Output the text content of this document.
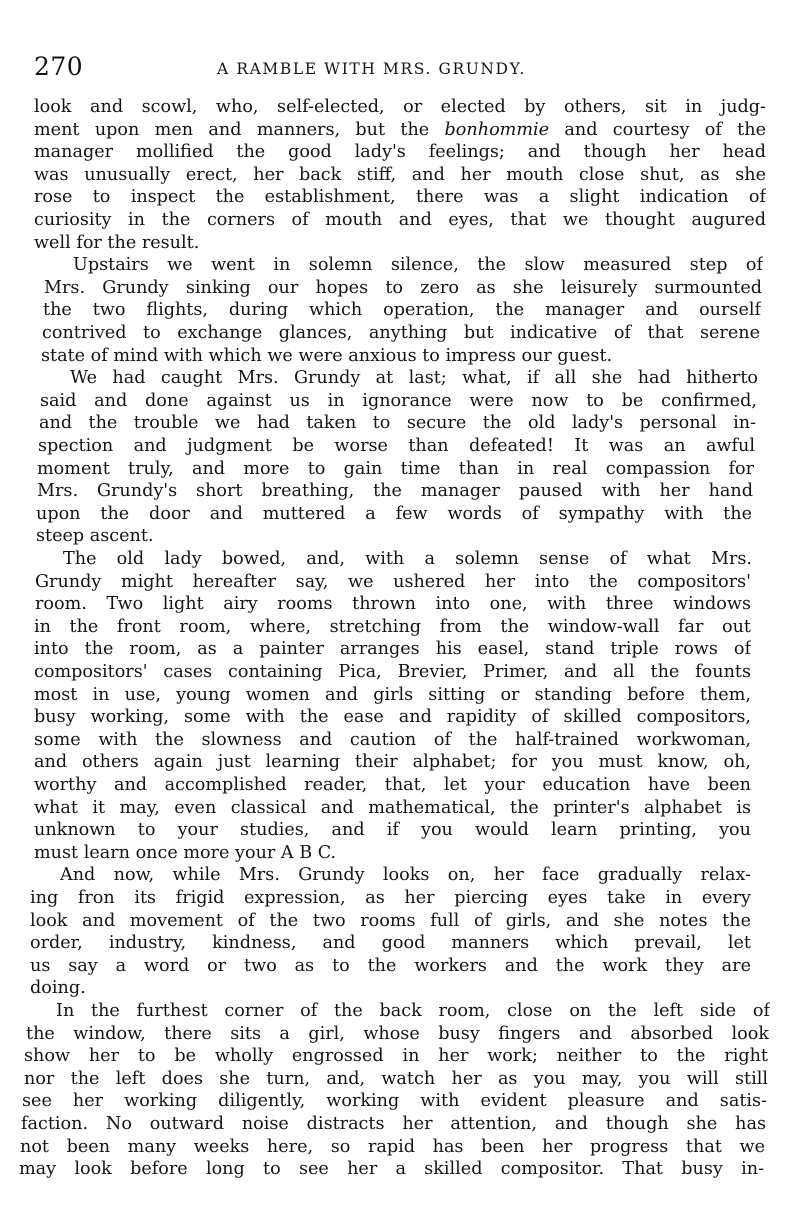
270	A RAMBLE WITH MRS. GRUNDY.
look and scowl, who, self-elected, or elected by others, sit in judg-
ment upon men and manners, but the bonhommie and courtesy of the
manager mollified the good lady's feelings; and though her head
was unusually erect, her back stiff, and her mouth close shut, as she
rose to inspect the establishment, there was a slight indication of
curiosity in the corners of mouth and eyes, that we thought augured
well for the result.
Upstairs we went in solemn silence, the slow measured step of
Mrs. Grundy sinking our hopes to zero as she leisurely surmounted
the two flights, during which operation, the manager and ourself
contrived to exchange glances, anything but indicative of that serene
state of mind with which we were anxious to impress our guest.
We had caught Mrs. Grundy at last; what, if all she had hitherto
said and done against us in ignorance were now to be confirmed,
and the trouble we had taken to secure the old lady's personal in-
spection and judgment be worse than defeated! It was an awful
moment truly, and more to gain time than in real compassion for
Mrs. Grundy's short breathing, the manager paused with her hand
upon the door and muttered a few words of sympathy with the
steep ascent.
The old lady bowed, and, with a solemn sense of what Mrs.
Grundy might hereafter say, we ushered her into the compositors'
room. Two light airy rooms thrown into one, with three windows
in the front room, where, stretching from the window-wall far out
into the room, as a painter arranges his easel, stand triple rows of
compositors' cases containing Pica, Brevier, Primer, and all the founts
most in use, young women and girls sitting or standing before them,
busy working, some with the ease and rapidity of skilled compositors,
some with the slowness and caution of the half-trained workwoman,
and others again just learning their alphabet; for you must know, oh,
worthy and accomplished reader, that, let your education have been
what it may, even classical and mathematical, the printer's alphabet is
unknown to your studies, and if you would learn printing, you
must learn once more your A B C.
And now, while Mrs. Grundy looks on, her face gradually relax-
ing fron its frigid expression, as her piercing eyes take in every
look and movement of the two rooms full of girls, and she notes the
order, industry, kindness, and good manners which prevail, let
us say a word or two as to the workers and the work they are
doing.
In the furthest corner of the back room, close on the left side of
the window, there sits a girl, whose busy fingers and absorbed look
show her to be wholly engrossed in her work; neither to the right
nor the left does she turn, and, watch her as you may, you will still
see her working diligently, working with evident pleasure and satis-
faction. No outward noise distracts her attention, and though she has
not been many weeks here, so rapid has been her progress that we
may look before long to see her a skilled compositor. That busy in-
